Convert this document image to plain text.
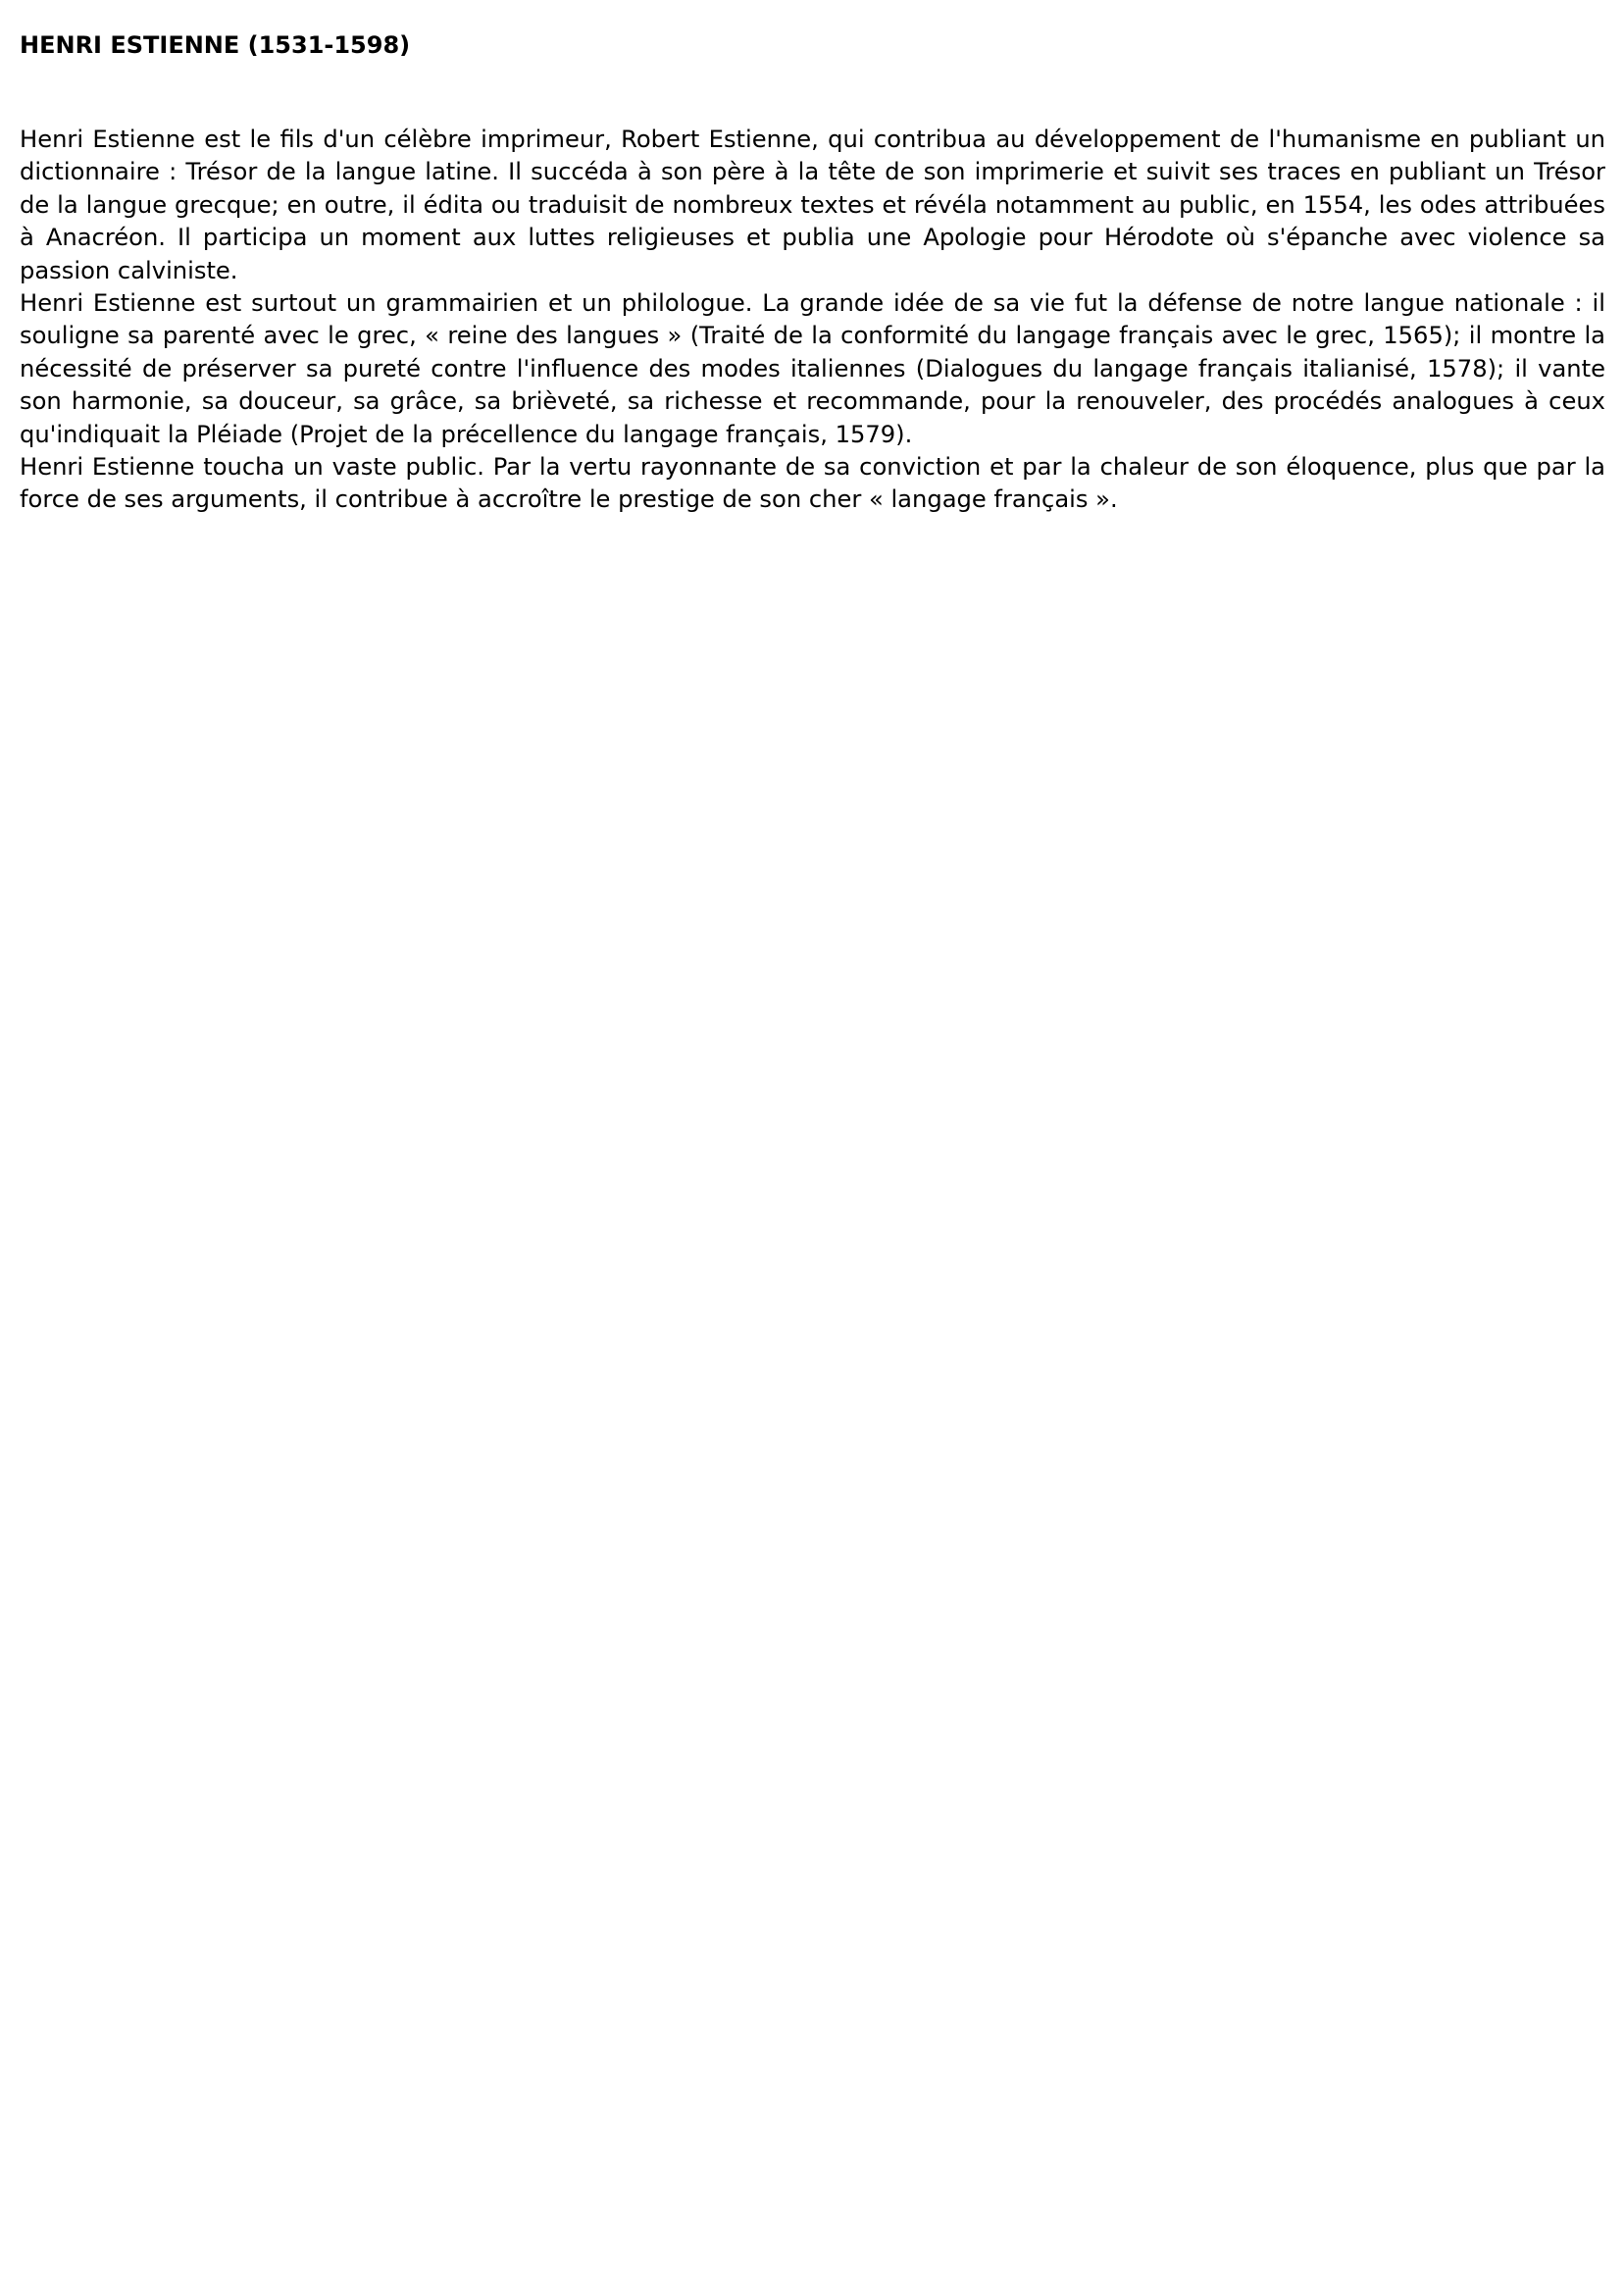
HENRI ESTIENNE (1531-1598)

Henri Estienne est le fils d'un célèbre imprimeur, Robert Estienne, qui contribua au développement de l'humanisme en publiant un dictionnaire : Trésor de la langue latine. Il succéda à son père à la tête de son imprimerie et suivit ses traces en publiant un Trésor de la langue grecque; en outre, il édita ou traduisit de nombreux textes et révéla notamment au public, en 1554, les odes attribuées à Anacréon. Il participa un moment aux luttes religieuses et publia une Apologie pour Hérodote où s'épanche avec violence sa passion calviniste.

Henri Estienne est surtout un grammairien et un philologue. La grande idée de sa vie fut la défense de notre langue nationale : il souligne sa parenté avec le grec, « reine des langues » (Traité de la conformité du langage français avec le grec, 1565); il montre la nécessité de préserver sa pureté contre l'influence des modes italiennes (Dialogues du langage français italianisé, 1578); il vante son harmonie, sa douceur, sa grâce, sa brièveté, sa richesse et recommande, pour la renouveler, des procédés analogues à ceux qu'indiquait la Pléiade (Projet de la précellence du langage français, 1579).

Henri Estienne toucha un vaste public. Par la vertu rayonnante de sa conviction et par la chaleur de son éloquence, plus que par la force de ses arguments, il contribue à accroître le prestige de son cher « langage français ».
